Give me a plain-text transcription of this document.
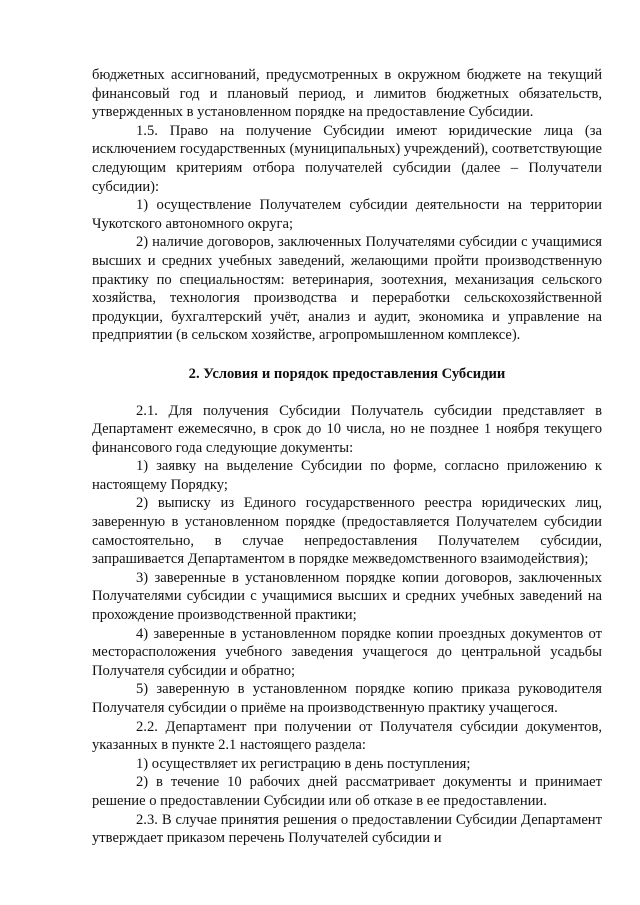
бюджетных ассигнований, предусмотренных в окружном бюджете на текущий финансовый год и плановый период, и лимитов бюджетных обязательств, утвержденных в установленном порядке на предоставление Субсидии.

1.5. Право на получение Субсидии имеют юридические лица (за исключением государственных (муниципальных) учреждений), соответствующие следующим критериям отбора получателей субсидии (далее – Получатели субсидии):

1) осуществление Получателем субсидии деятельности на территории Чукотского автономного округа;

2) наличие договоров, заключенных Получателями субсидии с учащимися высших и средних учебных заведений, желающими пройти производственную практику по специальностям: ветеринария, зоотехния, механизация сельского хозяйства, технология производства и переработки сельскохозяйственной продукции, бухгалтерский учёт, анализ и аудит, экономика и управление на предприятии (в сельском хозяйстве, агропромышленном комплексе).

2. Условия и порядок предоставления Субсидии

2.1. Для получения Субсидии Получатель субсидии представляет в Департамент ежемесячно, в срок до 10 числа, но не позднее 1 ноября текущего финансового года следующие документы:

1) заявку на выделение Субсидии по форме, согласно приложению к настоящему Порядку;

2) выписку из Единого государственного реестра юридических лиц, заверенную в установленном порядке (предоставляется Получателем субсидии самостоятельно, в случае непредоставления Получателем субсидии, запрашивается Департаментом в порядке межведомственного взаимодействия);

3) заверенные в установленном порядке копии договоров, заключенных Получателями субсидии с учащимися высших и средних учебных заведений на прохождение производственной практики;

4) заверенные в установленном порядке копии проездных документов от месторасположения учебного заведения учащегося до центральной усадьбы Получателя субсидии и обратно;

5) заверенную в установленном порядке копию приказа руководителя Получателя субсидии о приёме на производственную практику учащегося.

2.2. Департамент при получении от Получателя субсидии документов, указанных в пункте 2.1 настоящего раздела:

1) осуществляет их регистрацию в день поступления;

2) в течение 10 рабочих дней рассматривает документы и принимает решение о предоставлении Субсидии или об отказе в ее предоставлении.

2.3. В случае принятия решения о предоставлении Субсидии Департамент утверждает приказом перечень Получателей субсидии и
